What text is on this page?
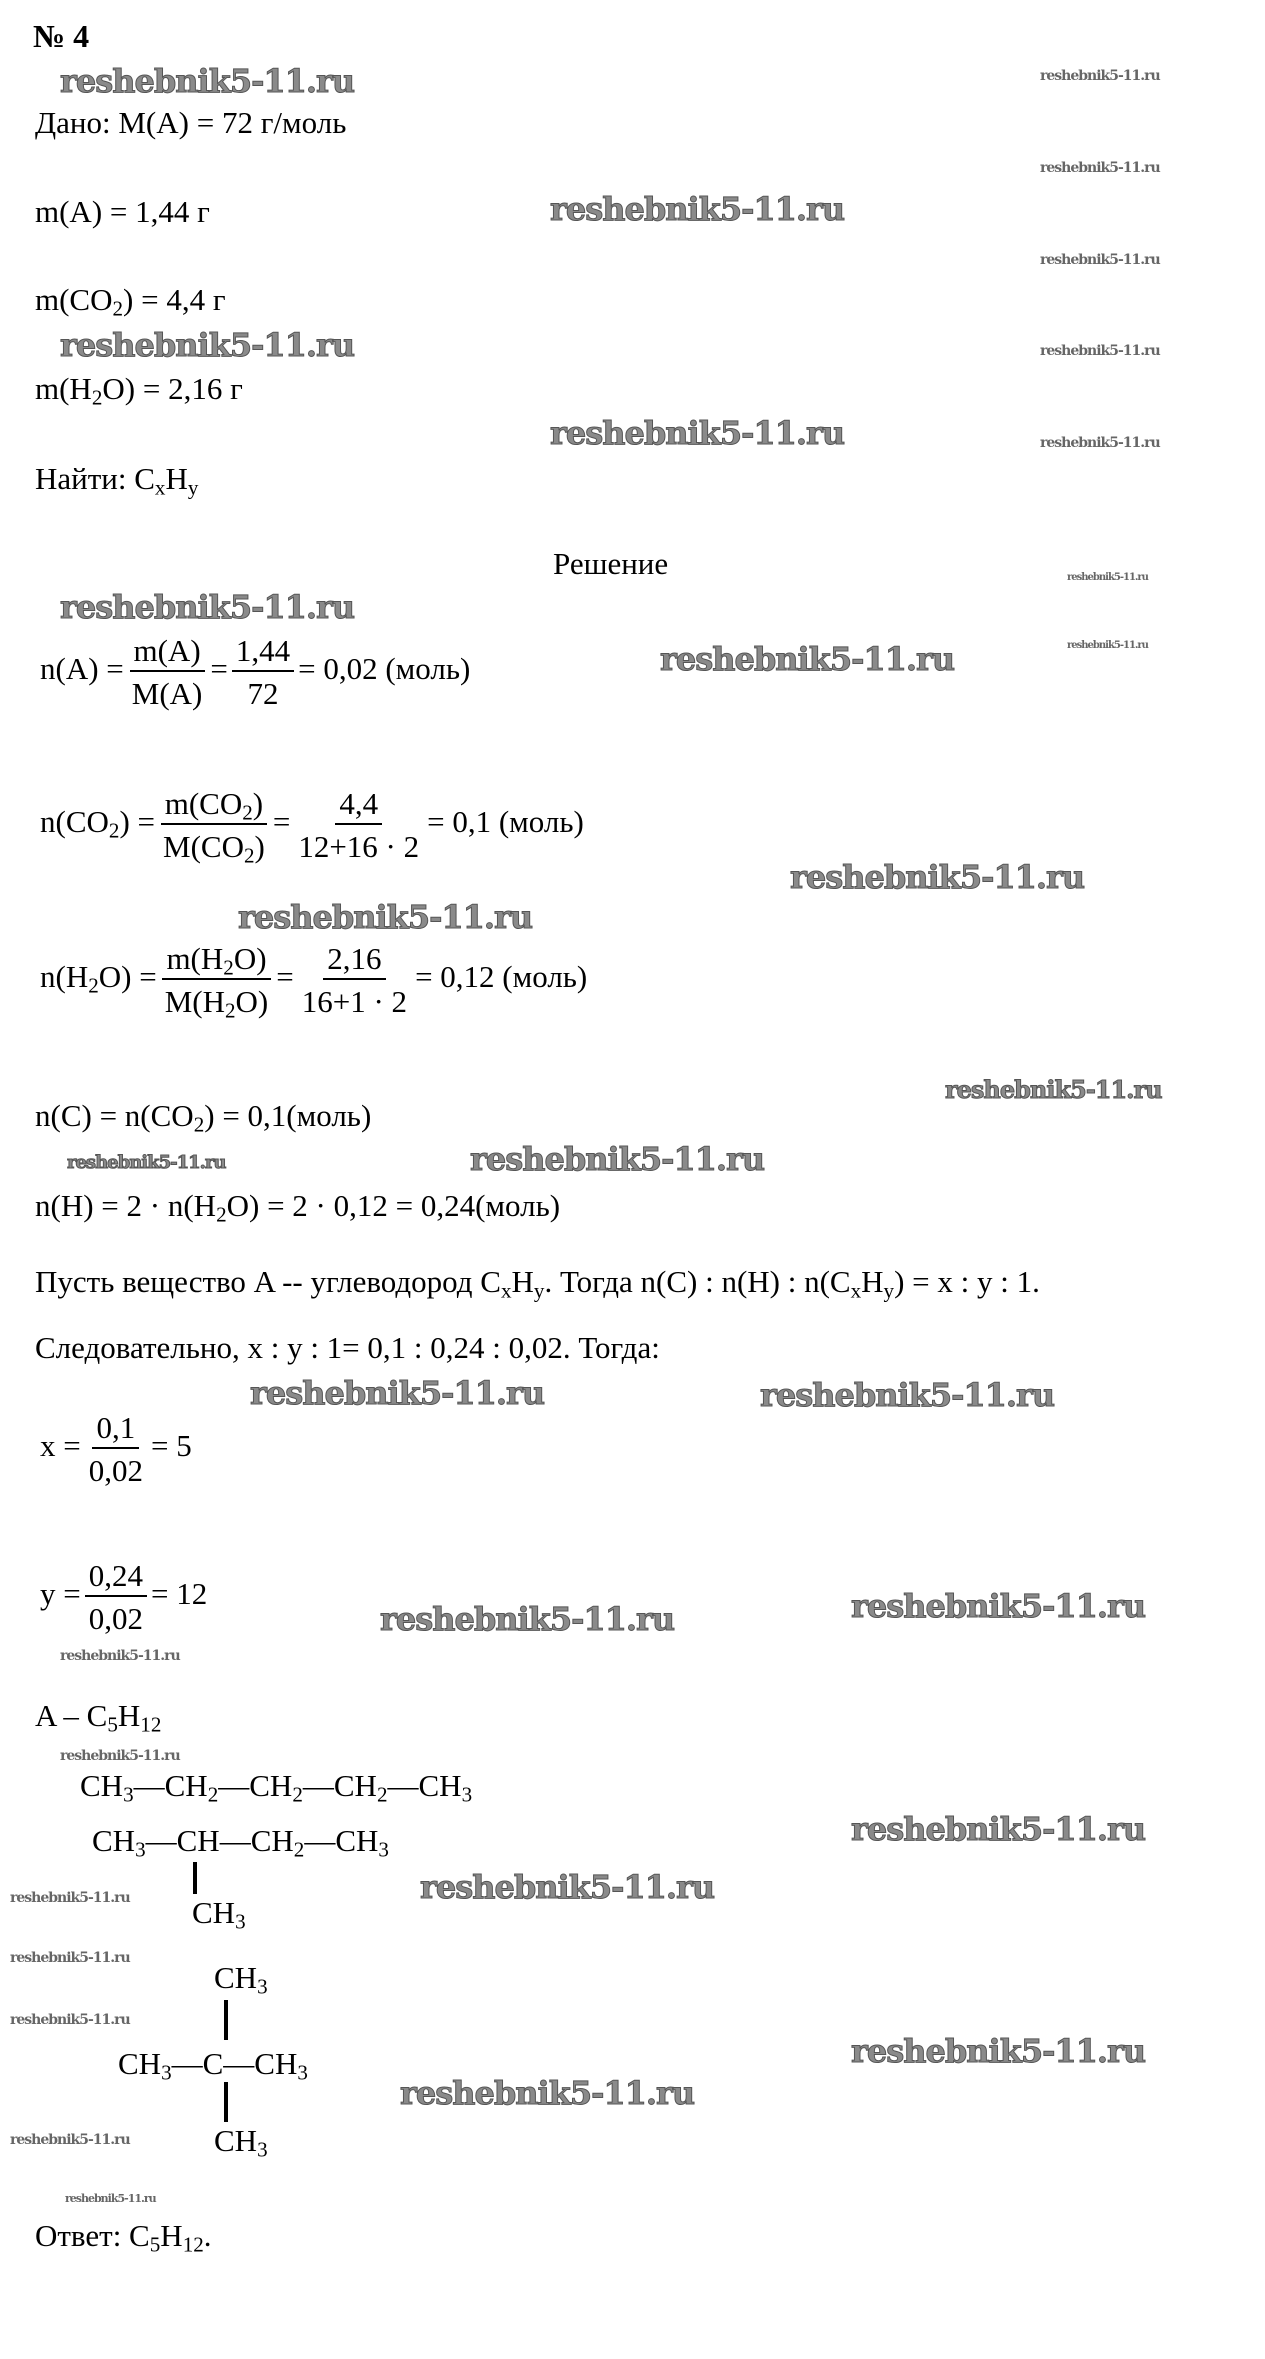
№ 4
Дано: M(A) = 72 г/моль
m(A) = 1,44 г
$m(CO_2) = 4,4$ г
$m(H_2O) = 2,16$ г
Найти: $C_xH_y$
Решение
$n(A) = \frac{m(A)}{M(A)} = \frac{1,44}{72} = 0,02$ (моль)
$n(CO_2) = \frac{m(CO_2)}{M(CO_2)} = \frac{4,4}{12+16 \cdot 2} = 0,1$ (моль)
$n(H_2O) = \frac{m(H_2O)}{M(H_2O)} = \frac{2,16}{16+1 \cdot 2} = 0,12$ (моль)
$n(C) = n(CO_2)$ = 0,1(моль)
$n(H) = 2 \cdot n(H_2O) = 2 \cdot 0,12$ = 0,24(моль)
Пусть вещество A -- углеводород $C_xH_y$. Тогда n(C) : n(H) : $n(C_xH_y) = x$ : y : 1.
Следовательно, x : y : 1= 0,1 : 0,24 : 0,02. Тогда:
$x = \frac{0,1}{0,02} = 5$
$y = \frac{0,24}{0,02} = 12$
A – $C_5H_{12}$
$CH_3—CH_2—CH_2—CH_2—CH_3$
$CH_3—CH—CH_2—CH_3$
$CH_3$
$CH_3$
$CH_3—C—CH_3$
$CH_3$
Ответ: $C_5H_{12}$.
reshebnik5-11.ru	reshebnik5-11.ru
reshebnik5-11.ru
reshebnik5-11.ru
reshebnik5-11.ru
reshebnik5-11.ru	reshebnik5-11.ru
reshebnik5-11.ru	reshebnik5-11.ru
reshebnik5-11.ru
reshebnik5-11.ru
reshebnik5-11.ru
reshebnik5-11.ru
reshebnik5-11.ru
reshebnik5-11.ru
reshebnik5-11.ru
reshebnik5-11.ru
reshebnik5-11.ru
reshebnik5-11.ru
reshebnik5-11.ru
reshebnik5-11.ru	reshebnik5-11.ru
reshebnik5-11.ru
reshebnik5-11.ru
reshebnik5-11.ru
reshebnik5-11.ru
reshebnik5-11.ru
reshebnik5-11.ru
reshebnik5-11.ru
reshebnik5-11.ru
reshebnik5-11.ru
reshebnik5-11.ru
reshebnik5-11.ru
